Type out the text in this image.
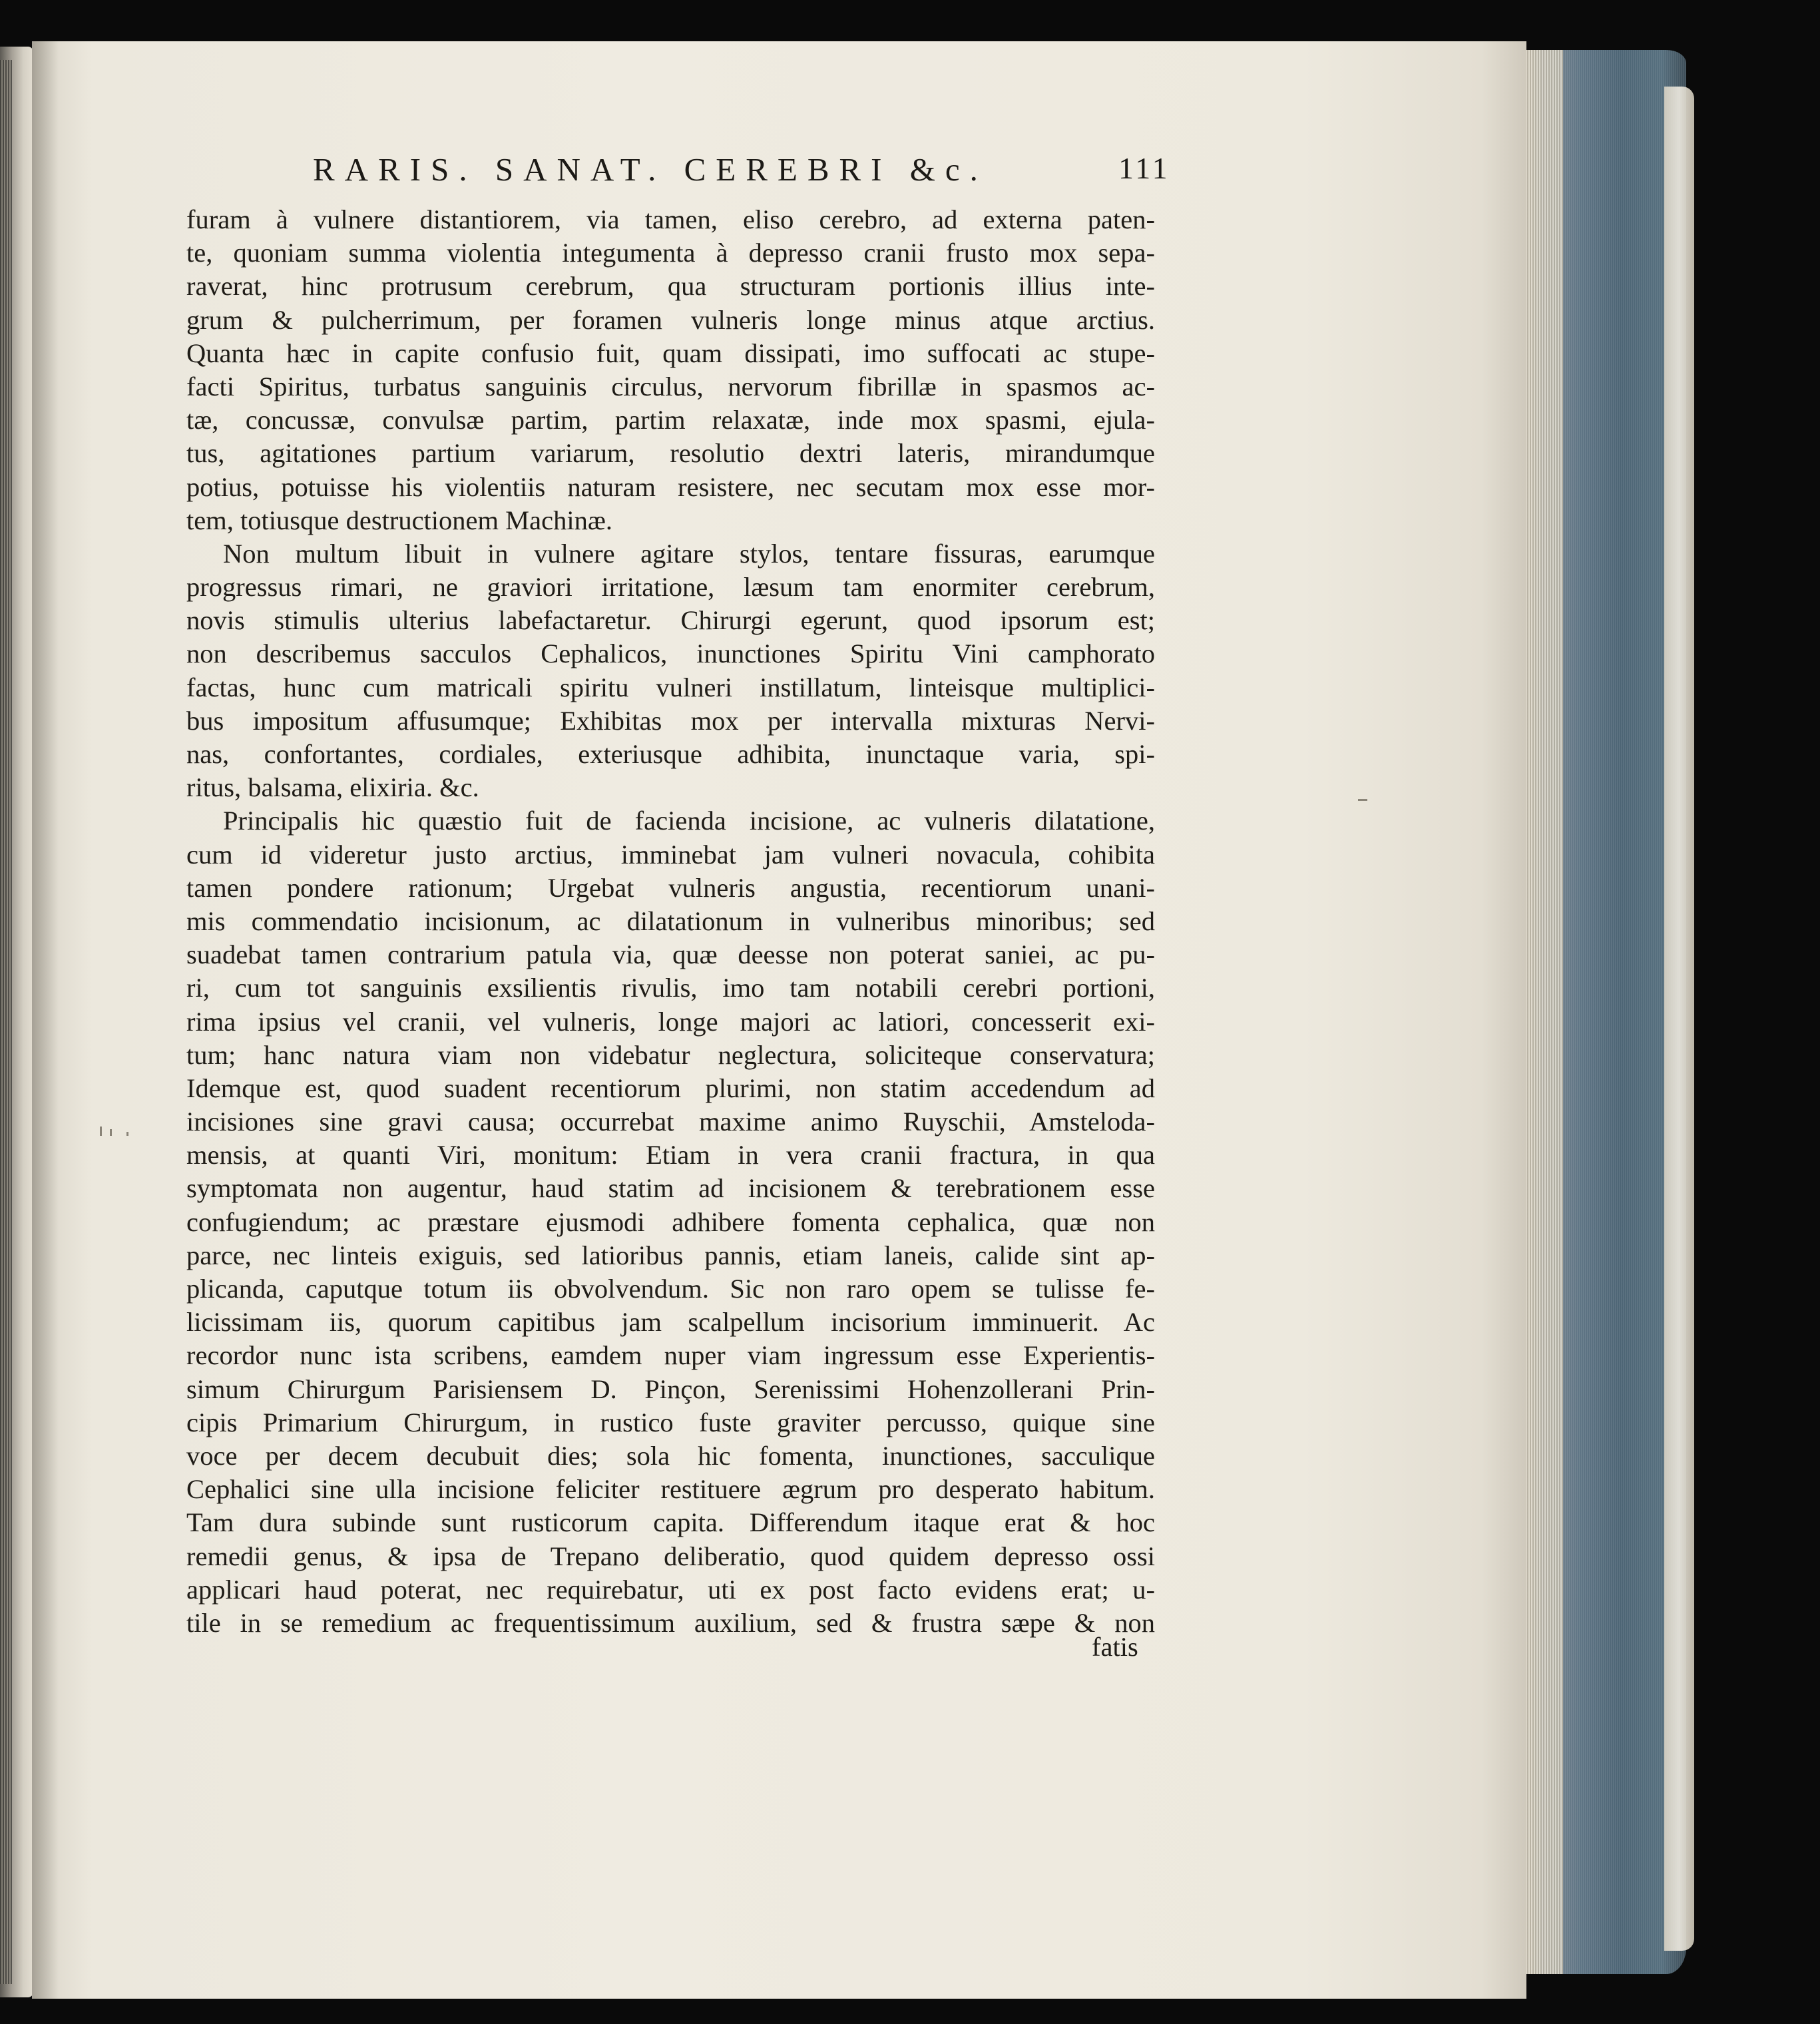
RARIS. SANAT. CEREBRI &c.	111
furam à vulnere distantiorem, via tamen, eliso cerebro, ad externa paten-
te, quoniam summa violentia integumenta à depresso cranii frusto mox sepa-
raverat, hinc protrusum cerebrum, qua structuram portionis illius inte-
grum & pulcherrimum, per foramen vulneris longe minus atque arctius.
Quanta hæc in capite confusio fuit, quam dissipati, imo suffocati ac stupe-
facti Spiritus, turbatus sanguinis circulus, nervorum fibrillæ in spasmos ac-
tæ, concussæ, convulsæ partim, partim relaxatæ, inde mox spasmi, ejula-
tus, agitationes partium variarum, resolutio dextri lateris, mirandumque
potius, potuisse his violentiis naturam resistere, nec secutam mox esse mor-
tem, totiusque destructionem Machinæ.
Non multum libuit in vulnere agitare stylos, tentare fissuras, earumque
progressus rimari, ne graviori irritatione, læsum tam enormiter cerebrum,
novis stimulis ulterius labefactaretur. Chirurgi egerunt, quod ipsorum est;
non describemus sacculos Cephalicos, inunctiones Spiritu Vini camphorato
factas, hunc cum matricali spiritu vulneri instillatum, linteisque multiplici-
bus impositum affusumque; Exhibitas mox per intervalla mixturas Nervi-
nas, confortantes, cordiales, exteriusque adhibita, inunctaque varia, spi-
ritus, balsama, elixiria. &c.
Principalis hic quæstio fuit de facienda incisione, ac vulneris dilatatione,
cum id videretur justo arctius, imminebat jam vulneri novacula, cohibita
tamen pondere rationum; Urgebat vulneris angustia, recentiorum unani-
mis commendatio incisionum, ac dilatationum in vulneribus minoribus; sed
suadebat tamen contrarium patula via, quæ deesse non poterat saniei, ac pu-
ri, cum tot sanguinis exsilientis rivulis, imo tam notabili cerebri portioni,
rima ipsius vel cranii, vel vulneris, longe majori ac latiori, concesserit exi-
tum; hanc natura viam non videbatur neglectura, soliciteque conservatura;
Idemque est, quod suadent recentiorum plurimi, non statim accedendum ad
incisiones sine gravi causa; occurrebat maxime animo Ruyschii, Amsteloda-
mensis, at quanti Viri, monitum: Etiam in vera cranii fractura, in qua
symptomata non augentur, haud statim ad incisionem & terebrationem esse
confugiendum; ac præstare ejusmodi adhibere fomenta cephalica, quæ non
parce, nec linteis exiguis, sed latioribus pannis, etiam laneis, calide sint ap-
plicanda, caputque totum iis obvolvendum. Sic non raro opem se tulisse fe-
licissimam iis, quorum capitibus jam scalpellum incisorium imminuerit. Ac
recordor nunc ista scribens, eamdem nuper viam ingressum esse Experientis-
simum Chirurgum Parisiensem D. Pinçon, Serenissimi Hohenzollerani Prin-
cipis Primarium Chirurgum, in rustico fuste graviter percusso, quique sine
voce per decem decubuit dies; sola hic fomenta, inunctiones, sacculique
Cephalici sine ulla incisione feliciter restituere ægrum pro desperato habitum.
Tam dura subinde sunt rusticorum capita. Differendum itaque erat & hoc
remedii genus, & ipsa de Trepano deliberatio, quod quidem depresso ossi
applicari haud poterat, nec requirebatur, uti ex post facto evidens erat; u-
tile in se remedium ac frequentissimum auxilium, sed & frustra sæpe & non
fatis
